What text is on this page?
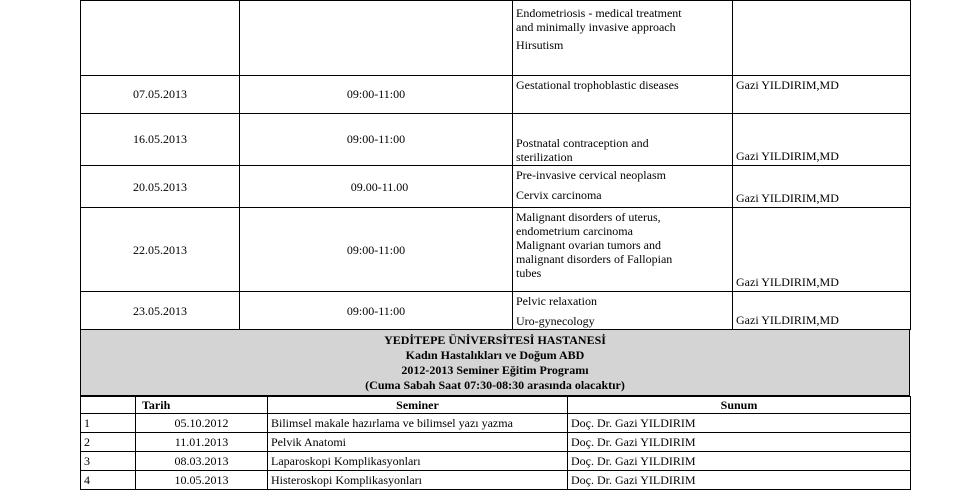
		Endometriosis - medical treatment
and minimally invasive approach
Hirsutism	

07.05.2013	09:00-11:00	Gestational trophoblastic diseases	Gazi YILDIRIM,MD
16.05.2013	09:00-11:00	Postnatal contraception and
sterilization	Gazi YILDIRIM,MD
20.05.2013	09.00-11.00	Pre-invasive cervical neoplasm
Cervix carcinoma	Gazi YILDIRIM,MD
22.05.2013	09:00-11:00	Malignant disorders of uterus,
endometrium carcinoma
Malignant ovarian tumors and
malignant disorders of Fallopian
tubes	Gazi YILDIRIM,MD
23.05.2013	09:00-11:00	Pelvic relaxation
Uro-gynecology	Gazi YILDIRIM,MD
YEDİTEPE ÜNİVERSİTESİ HASTANESİ
Kadın Hastalıkları ve Doğum ABD
2012-2013 Seminer Eğitim Programı
(Cuma Sabah Saat 07:30-08:30 arasında olacaktır)
	Tarih	Seminer	Sunum
1	05.10.2012	Bilimsel makale hazırlama ve bilimsel yazı yazma	Doç. Dr. Gazi YILDIRIM
2	11.01.2013	Pelvik Anatomi	Doç. Dr. Gazi YILDIRIM
3	08.03.2013	Laparoskopi Komplikasyonları	Doç. Dr. Gazi YILDIRIM
4	10.05.2013	Histeroskopi Komplikasyonları	Doç. Dr. Gazi YILDIRIM
